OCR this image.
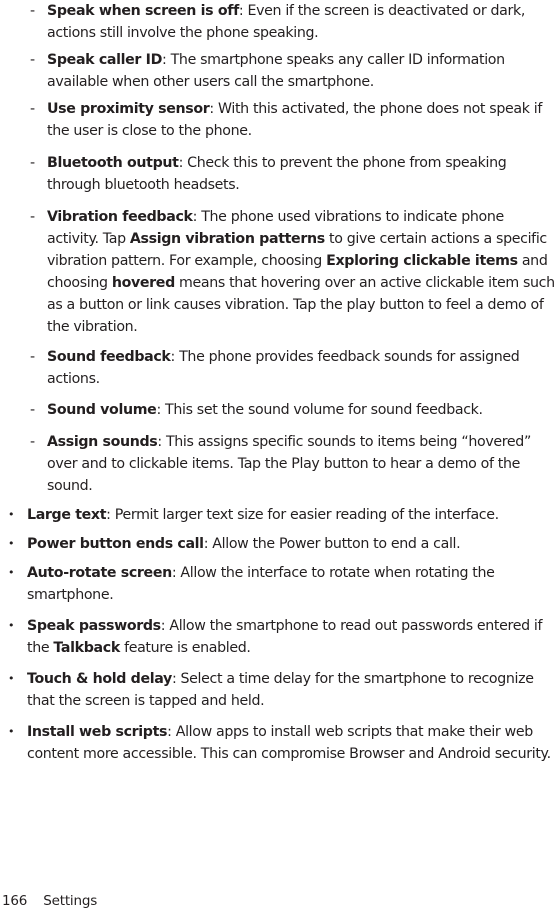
- Speak when screen is off: Even if the screen is deactivated or dark, actions still involve the phone speaking.
- Speak caller ID: The smartphone speaks any caller ID information available when other users call the smartphone.
- Use proximity sensor: With this activated, the phone does not speak if the user is close to the phone.
- Bluetooth output: Check this to prevent the phone from speaking through bluetooth headsets.
- Vibration feedback: The phone used vibrations to indicate phone activity. Tap Assign vibration patterns to give certain actions a specific vibration pattern. For example, choosing Exploring clickable items and choosing hovered means that hovering over an active clickable item such as a button or link causes vibration. Tap the play button to feel a demo of the vibration.
- Sound feedback: The phone provides feedback sounds for assigned actions.
- Sound volume: This set the sound volume for sound feedback.
- Assign sounds: This assigns specific sounds to items being “hovered” over and to clickable items. Tap the Play button to hear a demo of the sound.
• Large text: Permit larger text size for easier reading of the interface.
• Power button ends call: Allow the Power button to end a call.
• Auto-rotate screen: Allow the interface to rotate when rotating the smartphone.
• Speak passwords: Allow the smartphone to read out passwords entered if the Talkback feature is enabled.
• Touch & hold delay: Select a time delay for the smartphone to recognize that the screen is tapped and held.
• Install web scripts: Allow apps to install web scripts that make their web content more accessible. This can compromise Browser and Android security.
166 Settings
